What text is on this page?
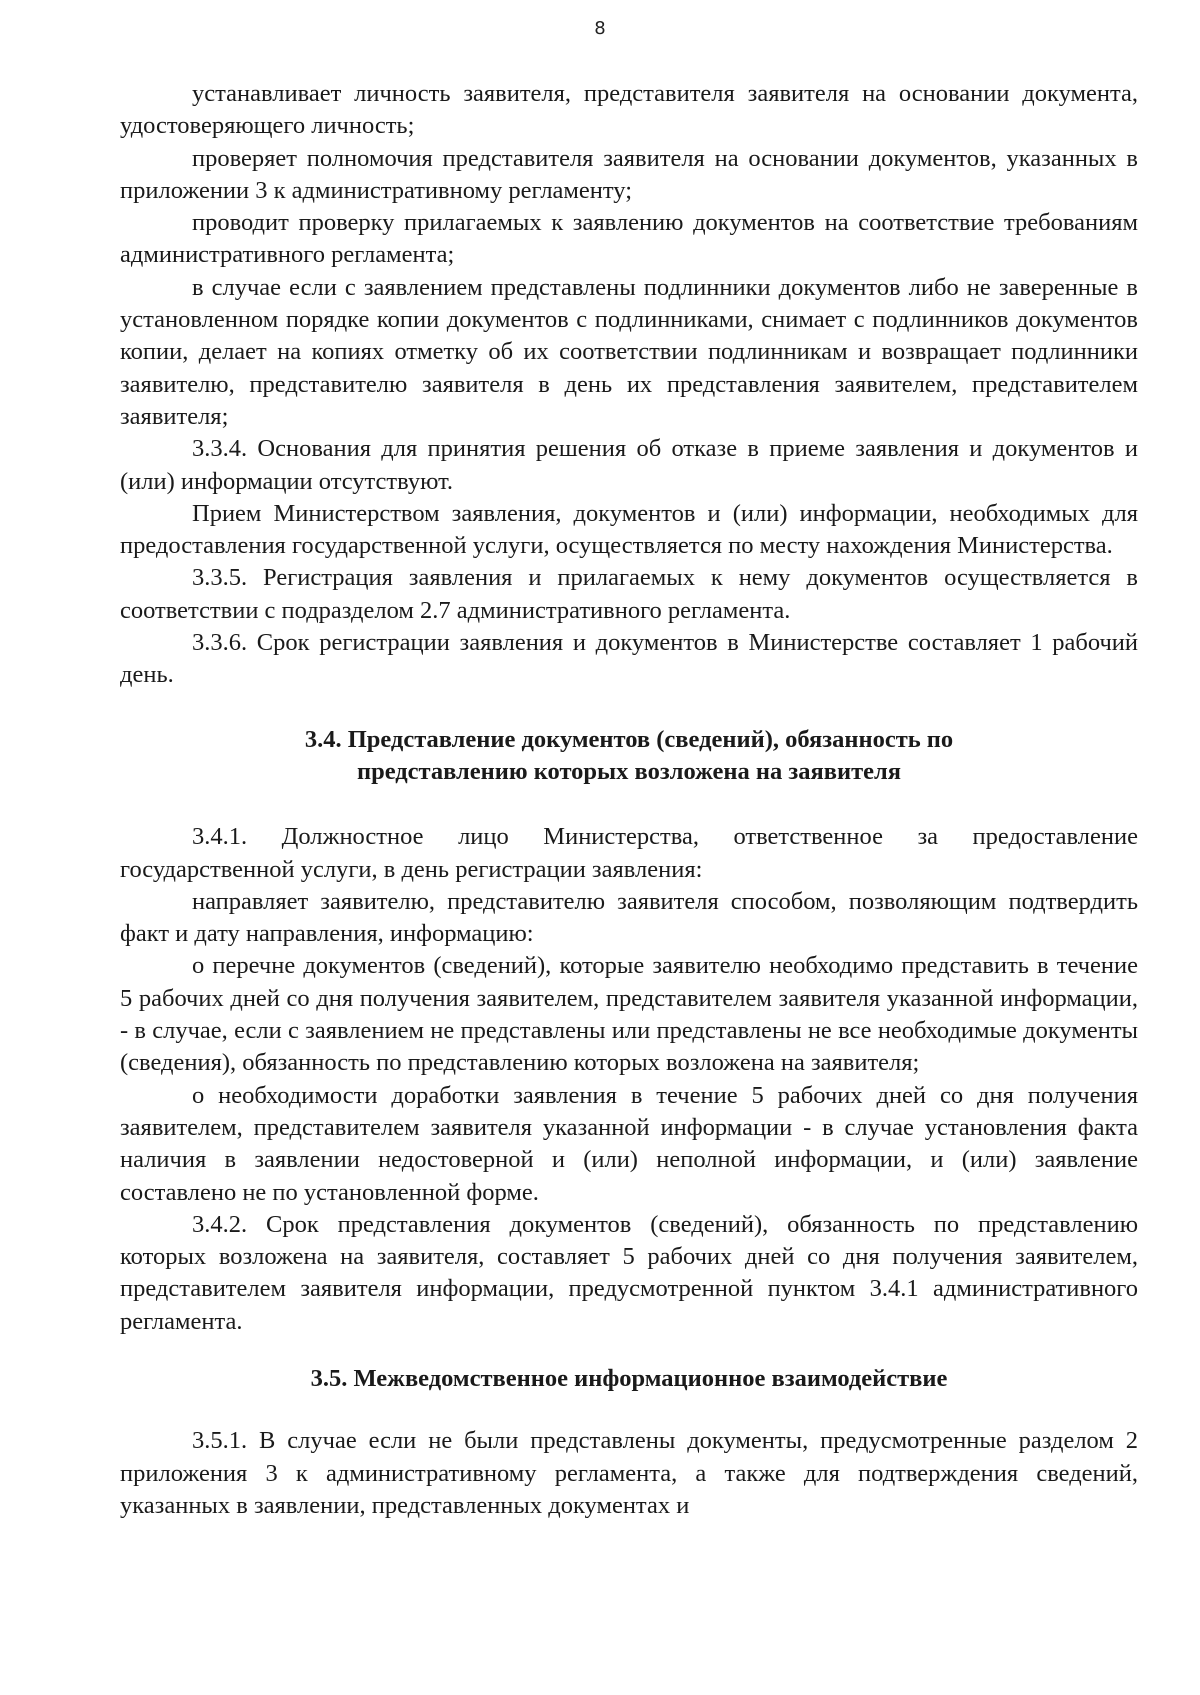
8

устанавливает личность заявителя, представителя заявителя на основании документа, удостоверяющего личность;

проверяет полномочия представителя заявителя на основании документов, указанных в приложении 3 к административному регламенту;

проводит проверку прилагаемых к заявлению документов на соответствие требованиям административного регламента;

в случае если с заявлением представлены подлинники документов либо не заверенные в установленном порядке копии документов с подлинниками, снимает с подлинников документов копии, делает на копиях отметку об их соответствии подлинникам и возвращает подлинники заявителю, представителю заявителя в день их представления заявителем, представителем заявителя;

3.3.4. Основания для принятия решения об отказе в приеме заявления и документов и (или) информации отсутствуют.

Прием Министерством заявления, документов и (или) информации, необходимых для предоставления государственной услуги, осуществляется по месту нахождения Министерства.

3.3.5. Регистрация заявления и прилагаемых к нему документов осуществляется в соответствии с подразделом 2.7 административного регламента.

3.3.6. Срок регистрации заявления и документов в Министерстве составляет 1 рабочий день.

3.4. Представление документов (сведений), обязанность по
представлению которых возложена на заявителя

3.4.1. Должностное лицо Министерства, ответственное за предоставление государственной услуги, в день регистрации заявления:

направляет заявителю, представителю заявителя способом, позволяющим подтвердить факт и дату направления, информацию:

о перечне документов (сведений), которые заявителю необходимо представить в течение 5 рабочих дней со дня получения заявителем, представителем заявителя указанной информации, - в случае, если с заявлением не представлены или представлены не все необходимые документы (сведения), обязанность по представлению которых возложена на заявителя;

о необходимости доработки заявления в течение 5 рабочих дней со дня получения заявителем, представителем заявителя указанной информации - в случае установления факта наличия в заявлении недостоверной и (или) неполной информации, и (или) заявление составлено не по установленной форме.

3.4.2. Срок представления документов (сведений), обязанность по представлению которых возложена на заявителя, составляет 5 рабочих дней со дня получения заявителем, представителем заявителя информации, предусмотренной пунктом 3.4.1 административного регламента.

3.5. Межведомственное информационное взаимодействие

3.5.1. В случае если не были представлены документы, предусмотренные разделом 2 приложения 3 к административному регламента, а также для подтверждения сведений, указанных в заявлении, представленных документах и
